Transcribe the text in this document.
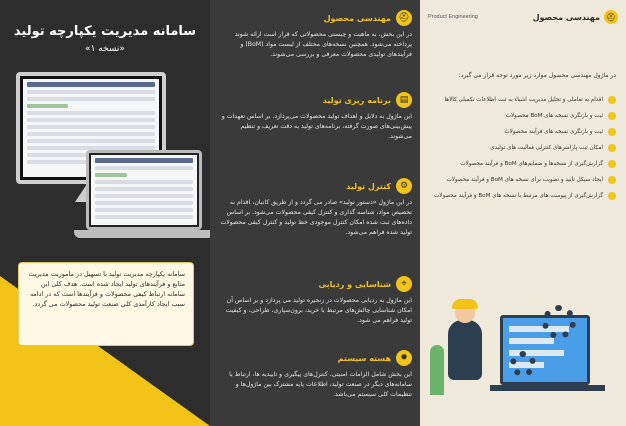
سامانه مدیریت یکپارچه تولید
«نسخه ۱»
سامانه یکپارچه مدیریت تولید با تسهیل در ماموریت مدیریت منابع و فرآیندهای تولید ایجاد شده است. هدف کلی این سامانه ارتباط کیفی محصولات و فرآیندها است که در ادامه سبب ایجاد کارآمدی کلی صنعت تولید محصولات می گردد.
⛑
مهندسی محصول
در این بخش، به ماهیت و چیستی محصولاتی که قرار است ارائه شوند پرداخته می‌شود. همچنین نسخه‌های مختلف از لیست مواد (BoM) و فرآیندهای تولیدی محصولات معرفی و بررسی می‌شوند.
▤
برنامه ریزی تولید
این ماژول به دلایل و اهداف تولید محصولات می‌پردازد. بر اساس تعهدات و پیش‌بینی‌های صورت گرفته، برنامه‌های تولید به دقت تعریف و تنظیم می‌شوند.
⚙
کنترل تولید
در این ماژول «دستور تولید» صادر می گردد و از طریق کانبان، اقدام به تخصیص مواد، شناسه گذاری و کنترل کیفی محصولات می‌شود. بر اساس داده‌های ثبت شده امکان کنترل موجودی خط تولید و کنترل کیفی محصولات تولید شده فراهم می‌شود.
⌖
شناسایی و ردیابی
این ماژول به ردیابی محصولات در زنجیره تولید می پردازد و بر اساس آن امکان شناسایی چالش‌های مرتبط با خرید، برون‌سپاری، طراحی، و کیفیت تولید فراهم می شود.
✹
هسته سیستم
این بخش شامل الزامات امنیتی، کنترل‌های پیگیری و تاییدیه ها، ارتباط با سامانه‌های دیگر در صنعت تولید، اطلاعات پایه مشترک بین ماژول‌ها و تنظیمات کلی سیستم می‌باشد.
⛑
مهندسی محصول
Product Engineering
در ماژول مهندسی محصول موارد زیر مورد توجه قرار می گیرد:
اقدام به تعاملی و تحلیل مدیریت اشیاء به ثبت اطلاعات تکمیلی کالاها
ثبت و بازنگری نسخه های BoM محصولات
ثبت و بازنگری نسخه های فرآیند محصولات
امکان ثبت پارامترهای کنترلی فعالیت های تولیدی
گزارش‌گیری از نسخه‌ها و ضمایم‌های BoM و فرآیند محصولات
ایجاد سیکل تایید و تصویب برای نسخه های BoM و فرآیند محصولات
گزارش‌گیری از پیوست های مرتبط با نسخه های BoM و فرآیند محصولات
